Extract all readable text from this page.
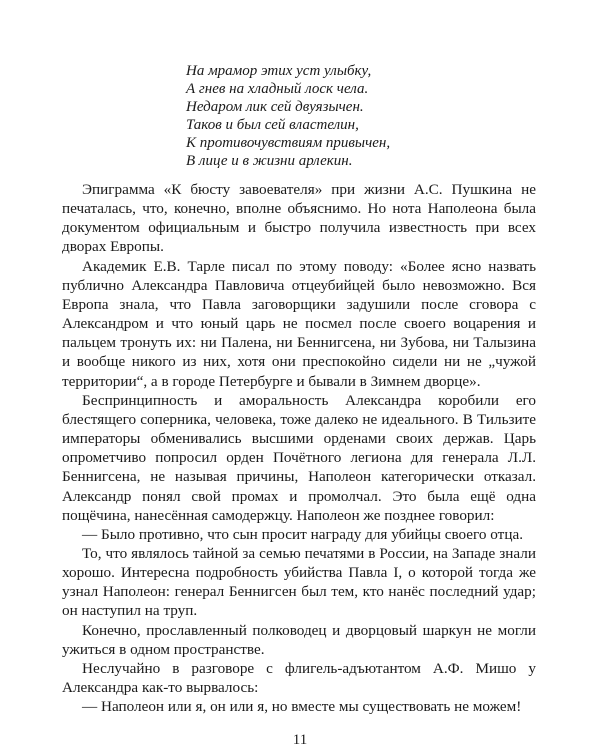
На мрамор этих уст улыбку,
А гнев на хладный лоск чела.
Недаром лик сей двуязычен.
Таков и был сей властелин,
К противочувствиям привычен,
В лице и в жизни арлекин.

Эпиграмма «К бюсту завоевателя» при жизни А.С. Пушкина не печаталась, что, конечно, вполне объяснимо. Но нота Наполеона была документом официальным и быстро получила известность при всех дворах Европы.

Академик Е.В. Тарле писал по этому поводу: «Более ясно назвать публично Александра Павловича отцеубийцей было невозможно. Вся Европа знала, что Павла заговорщики задушили после сговора с Александром и что юный царь не посмел после своего воцарения и пальцем тронуть их: ни Палена, ни Беннигсена, ни Зубова, ни Талызина и вообще никого из них, хотя они преспокойно сидели ни не „чужой территории“, а в городе Петербурге и бывали в Зимнем дворце».

Беспринципность и аморальность Александра коробили его блестящего соперника, человека, тоже далеко не идеального. В Тильзите императоры обменивались высшими орденами своих держав. Царь опрометчиво попросил орден Почётного легиона для генерала Л.Л. Беннигсена, не называя причины, Наполеон категорически отказал. Александр понял свой промах и промолчал. Это была ещё одна пощёчина, нанесённая самодержцу. Наполеон же позднее говорил:

— Было противно, что сын просит награду для убийцы своего отца.

То, что являлось тайной за семью печатями в России, на Западе знали хорошо. Интересна подробность убийства Павла I, о которой тогда же узнал Наполеон: генерал Беннигсен был тем, кто нанёс последний удар; он наступил на труп.

Конечно, прославленный полководец и дворцовый шаркун не могли ужиться в одном пространстве.

Неслучайно в разговоре с флигель-адъютантом А.Ф. Мишо у Александра как-то вырвалось:

— Наполеон или я, он или я, но вместе мы существовать не можем!

11
